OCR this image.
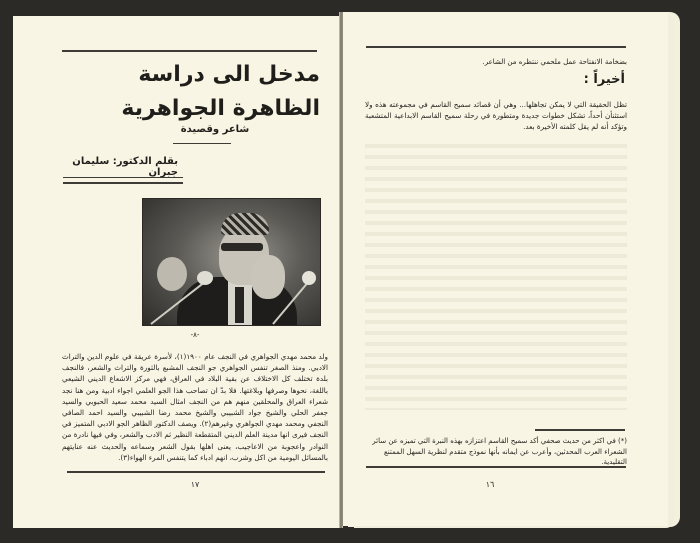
مدخل الى دراسة الظاهرة الجواهرية
شاعر وقصيدة
بقلم الدكتور: سليمان جبران
-٨-
ولد محمد مهدي الجواهري في النجف عام ١٩٠٠(١)، لأسرة عريقة في علوم الدين والتراث الادبي. ومنذ الصغر تنفس الجواهري جو النجف المشبع بالثورة والتراث والشعر، فالنجف بلدة تختلف كل الاختلاف عن بقية البلاد في العراق، فهي مركز الاشعاع الديني الشيعي باللغة، نحوها وصرفها وبلاغتها. فلا بدّ ان تصاحب هذا الجو العلمي اجواء ادبية ومن هنا نجد شعراء العراق والمحلقين منهم هم من النجف امثال السيد محمد سعيد الحبوبي والسيد جعفر الحلي والشيخ جواد الشبيبي والشيخ محمد رضا الشبيبي والسيد احمد الصافي النجفي ومحمد مهدي الجواهري وغيرهم(٢). ويصف الدكتور الظاهر الجو الادبي المتميز في النجف فيرى انها مدينة العلم الديني المتقطعة النظير ثم الادب والشعر، وفي فيها نادرة من النوادر واعجوبة من الاعاجيب، يعنى اهلها بقول الشعر وسماعه والحديث عنه عنايتهم بالمسائل اليومية من اكل وشرب، انهم ادباء كما يتنفس المرء الهواء(٣).
١٧
بضخامة الانفتاحة عمل ملحمي ننتظره من الشاعر.
أخيراً :
تظل الحقيقة التي لا يمكن تجاهلها... وهي أن قصائد سميح القاسم في مجموعته هذه ولا استثنأن أحداً، تشكل خطوات جديدة ومتطورة في رحلة سميح القاسم الابداعية المتشعبة وتؤكد أنه لم يقل كلمته الأخيرة بعد.
(*) في اكثر من حديث صحفي أكد سميح القاسم اعتزازه بهذه النبرة التي تميزه عن سائر الشعراء العرب المحدثين، وأعرب عن ايمانه بأنها نموذج متقدم لنظرية السهل الممتنع التقليدية.
١٦
